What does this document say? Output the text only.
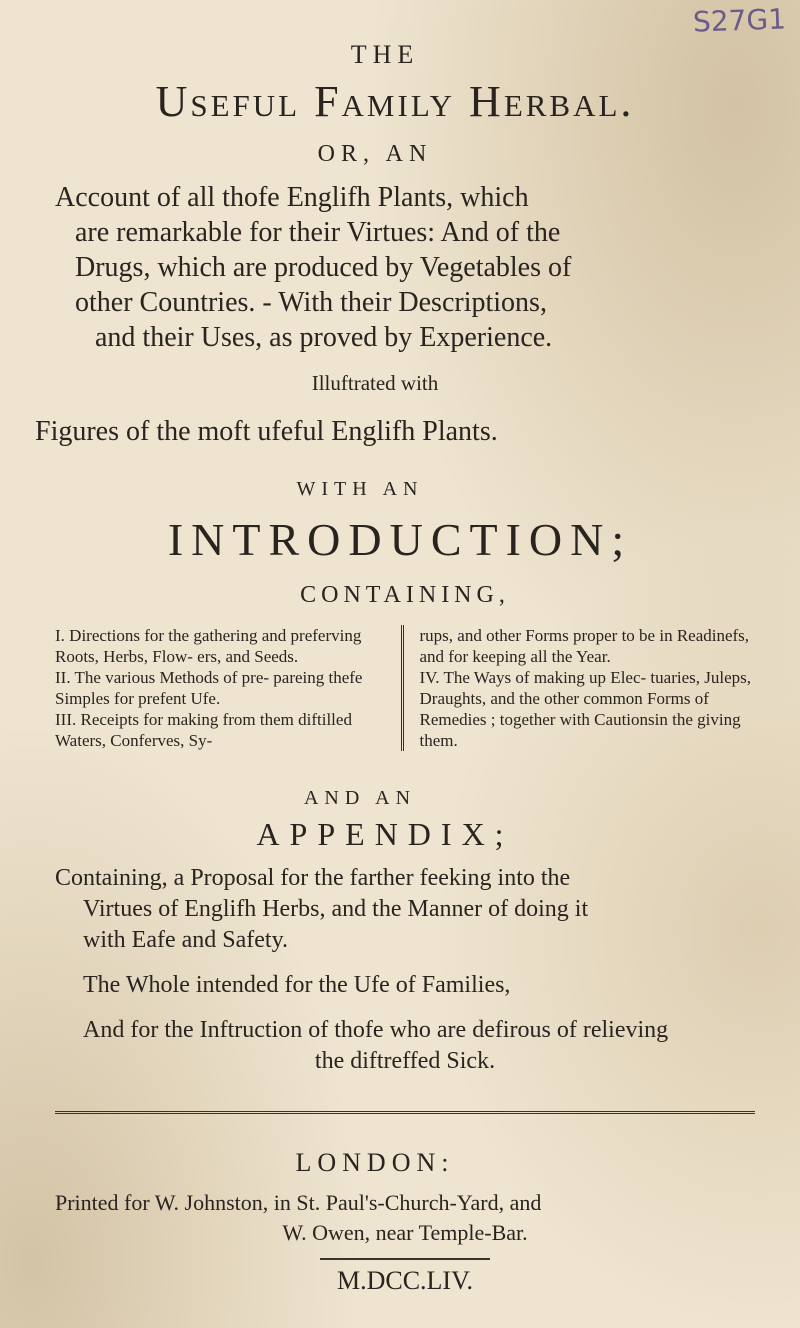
S27G1
THE
Useful Family Herbal.
OR, AN
Account of all thofe Englifh Plants, which
are remarkable for their Virtues: And of the
Drugs, which are produced by Vegetables of
other Countries. - With their Descriptions,
and their Uses, as proved by Experience.
Illuftrated with
Figures of the moft ufeful Englifh Plants.
WITH AN
INTRODUCTION;
CONTAINING,

I. Directions for the gathering and preferving Roots, Herbs, Flow- ers, and Seeds.

II. The various Methods of pre- pareing thefe Simples for prefent Ufe.

III. Receipts for making from them diftilled Waters, Conferves, Sy-

rups, and other Forms proper to be in Readinefs, and for keeping all the Year.

IV. The Ways of making up Elec- tuaries, Juleps, Draughts, and the other common Forms of Remedies ; together with Cautionsin the giving them.

AND AN
APPENDIX;
Containing, a Proposal for the farther feeking into the
Virtues of Englifh Herbs, and the Manner of doing it
with Eafe and Safety.
The Whole intended for the Ufe of Families,
And for the Inftruction of thofe who are defirous of relieving
the diftreffed Sick.
LONDON:
Printed for W. Johnston, in St. Paul's-Church-Yard, and
W. Owen, near Temple-Bar.
M.DCC.LIV.
